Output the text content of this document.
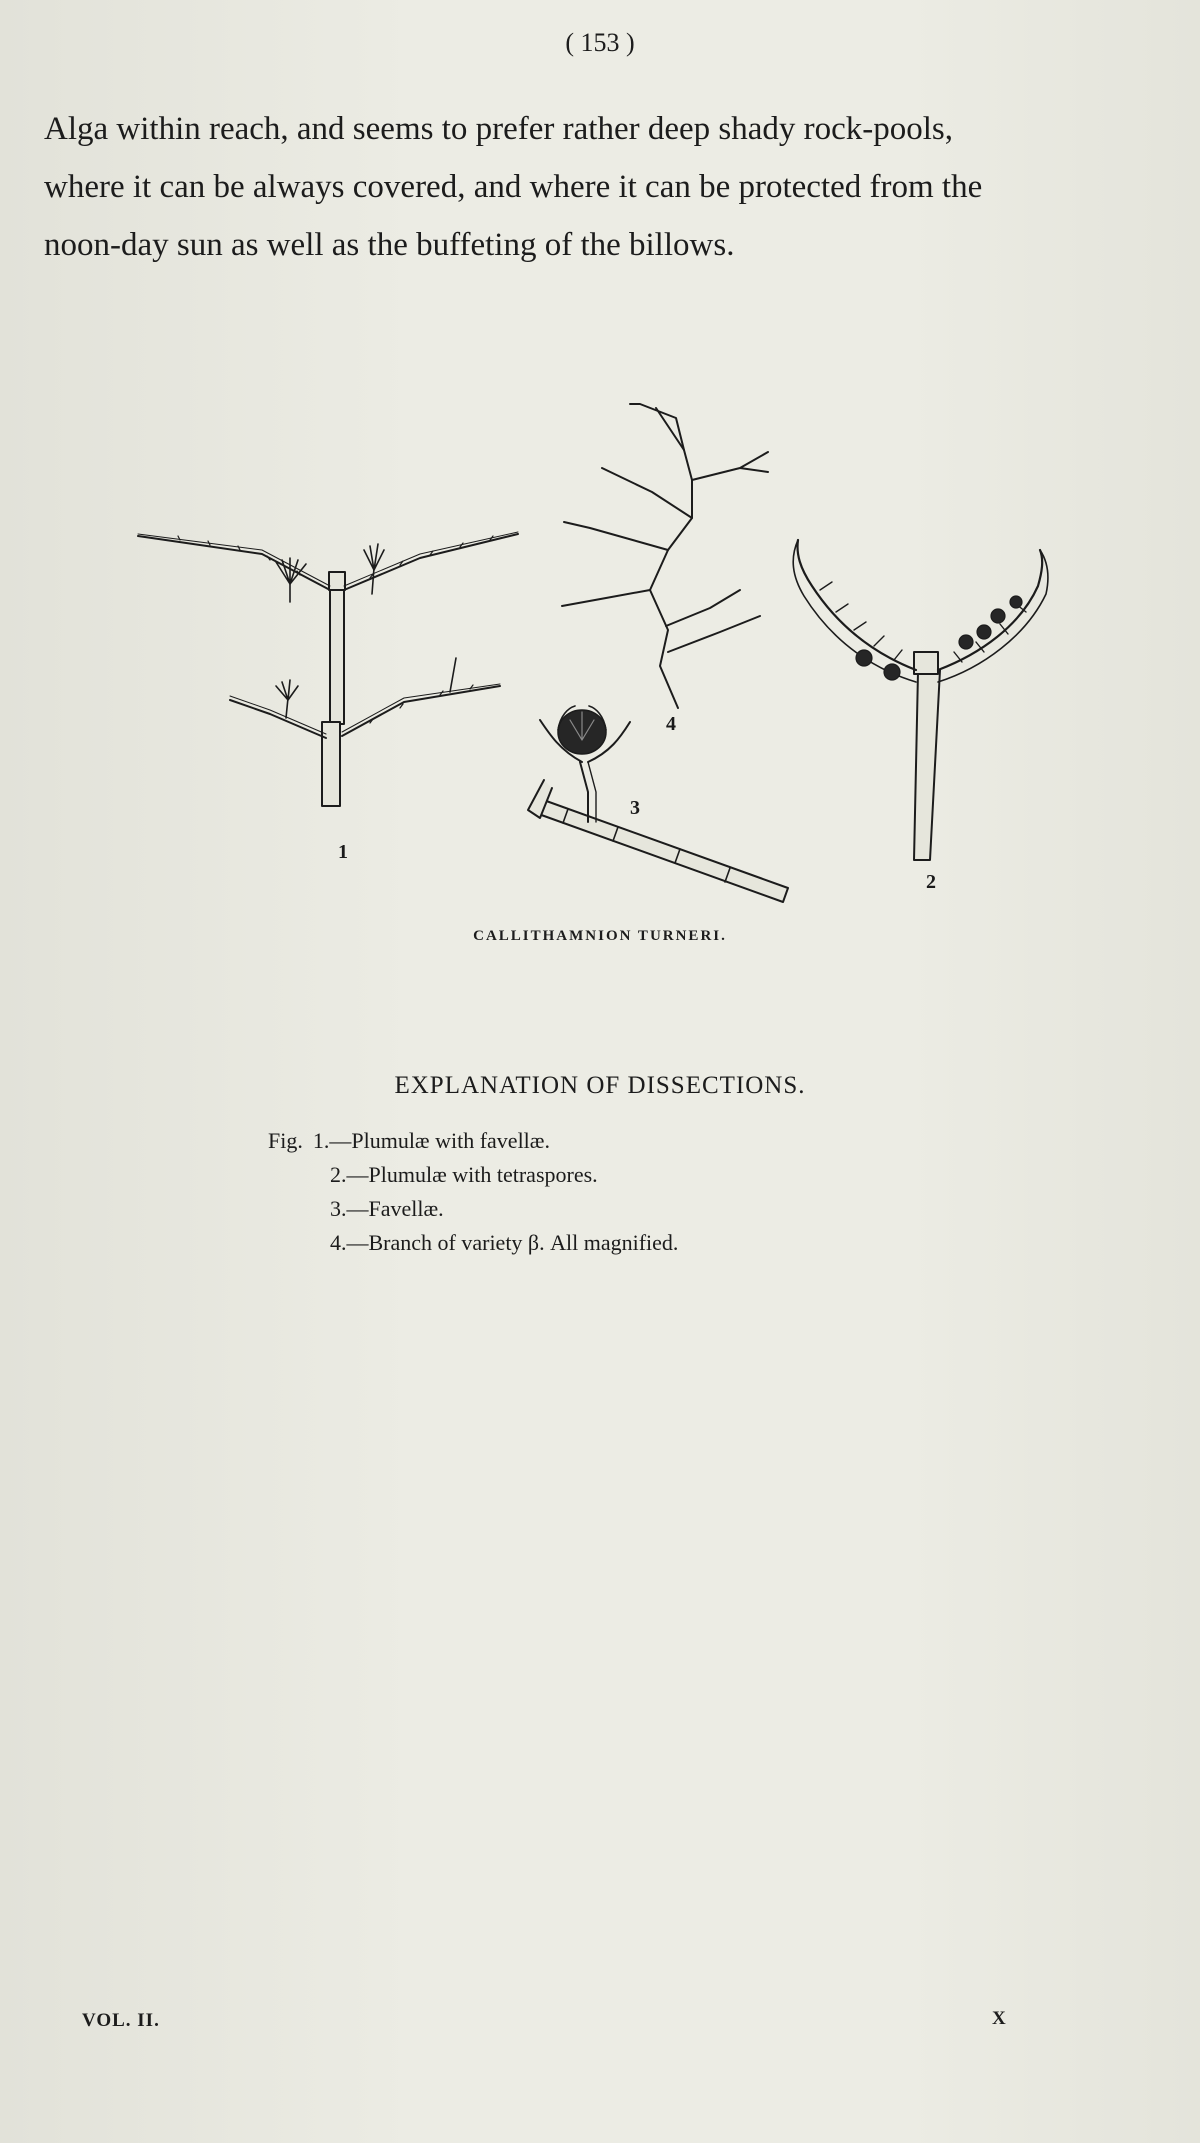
( 153 )

Alga within reach, and seems to prefer rather deep shady rock-pools,
where it can be always covered, and where it can be protected from the
noon-day sun as well as the buffeting of the billows.

1
2
3
4
CALLITHAMNION TURNERI.
EXPLANATION OF DISSECTIONS.
Fig. 1.—Plumulæ with favellæ.
2.—Plumulæ with tetraspores.
3.—Favellæ.
4.—Branch of variety β. All magnified.
VOL. II.	X
